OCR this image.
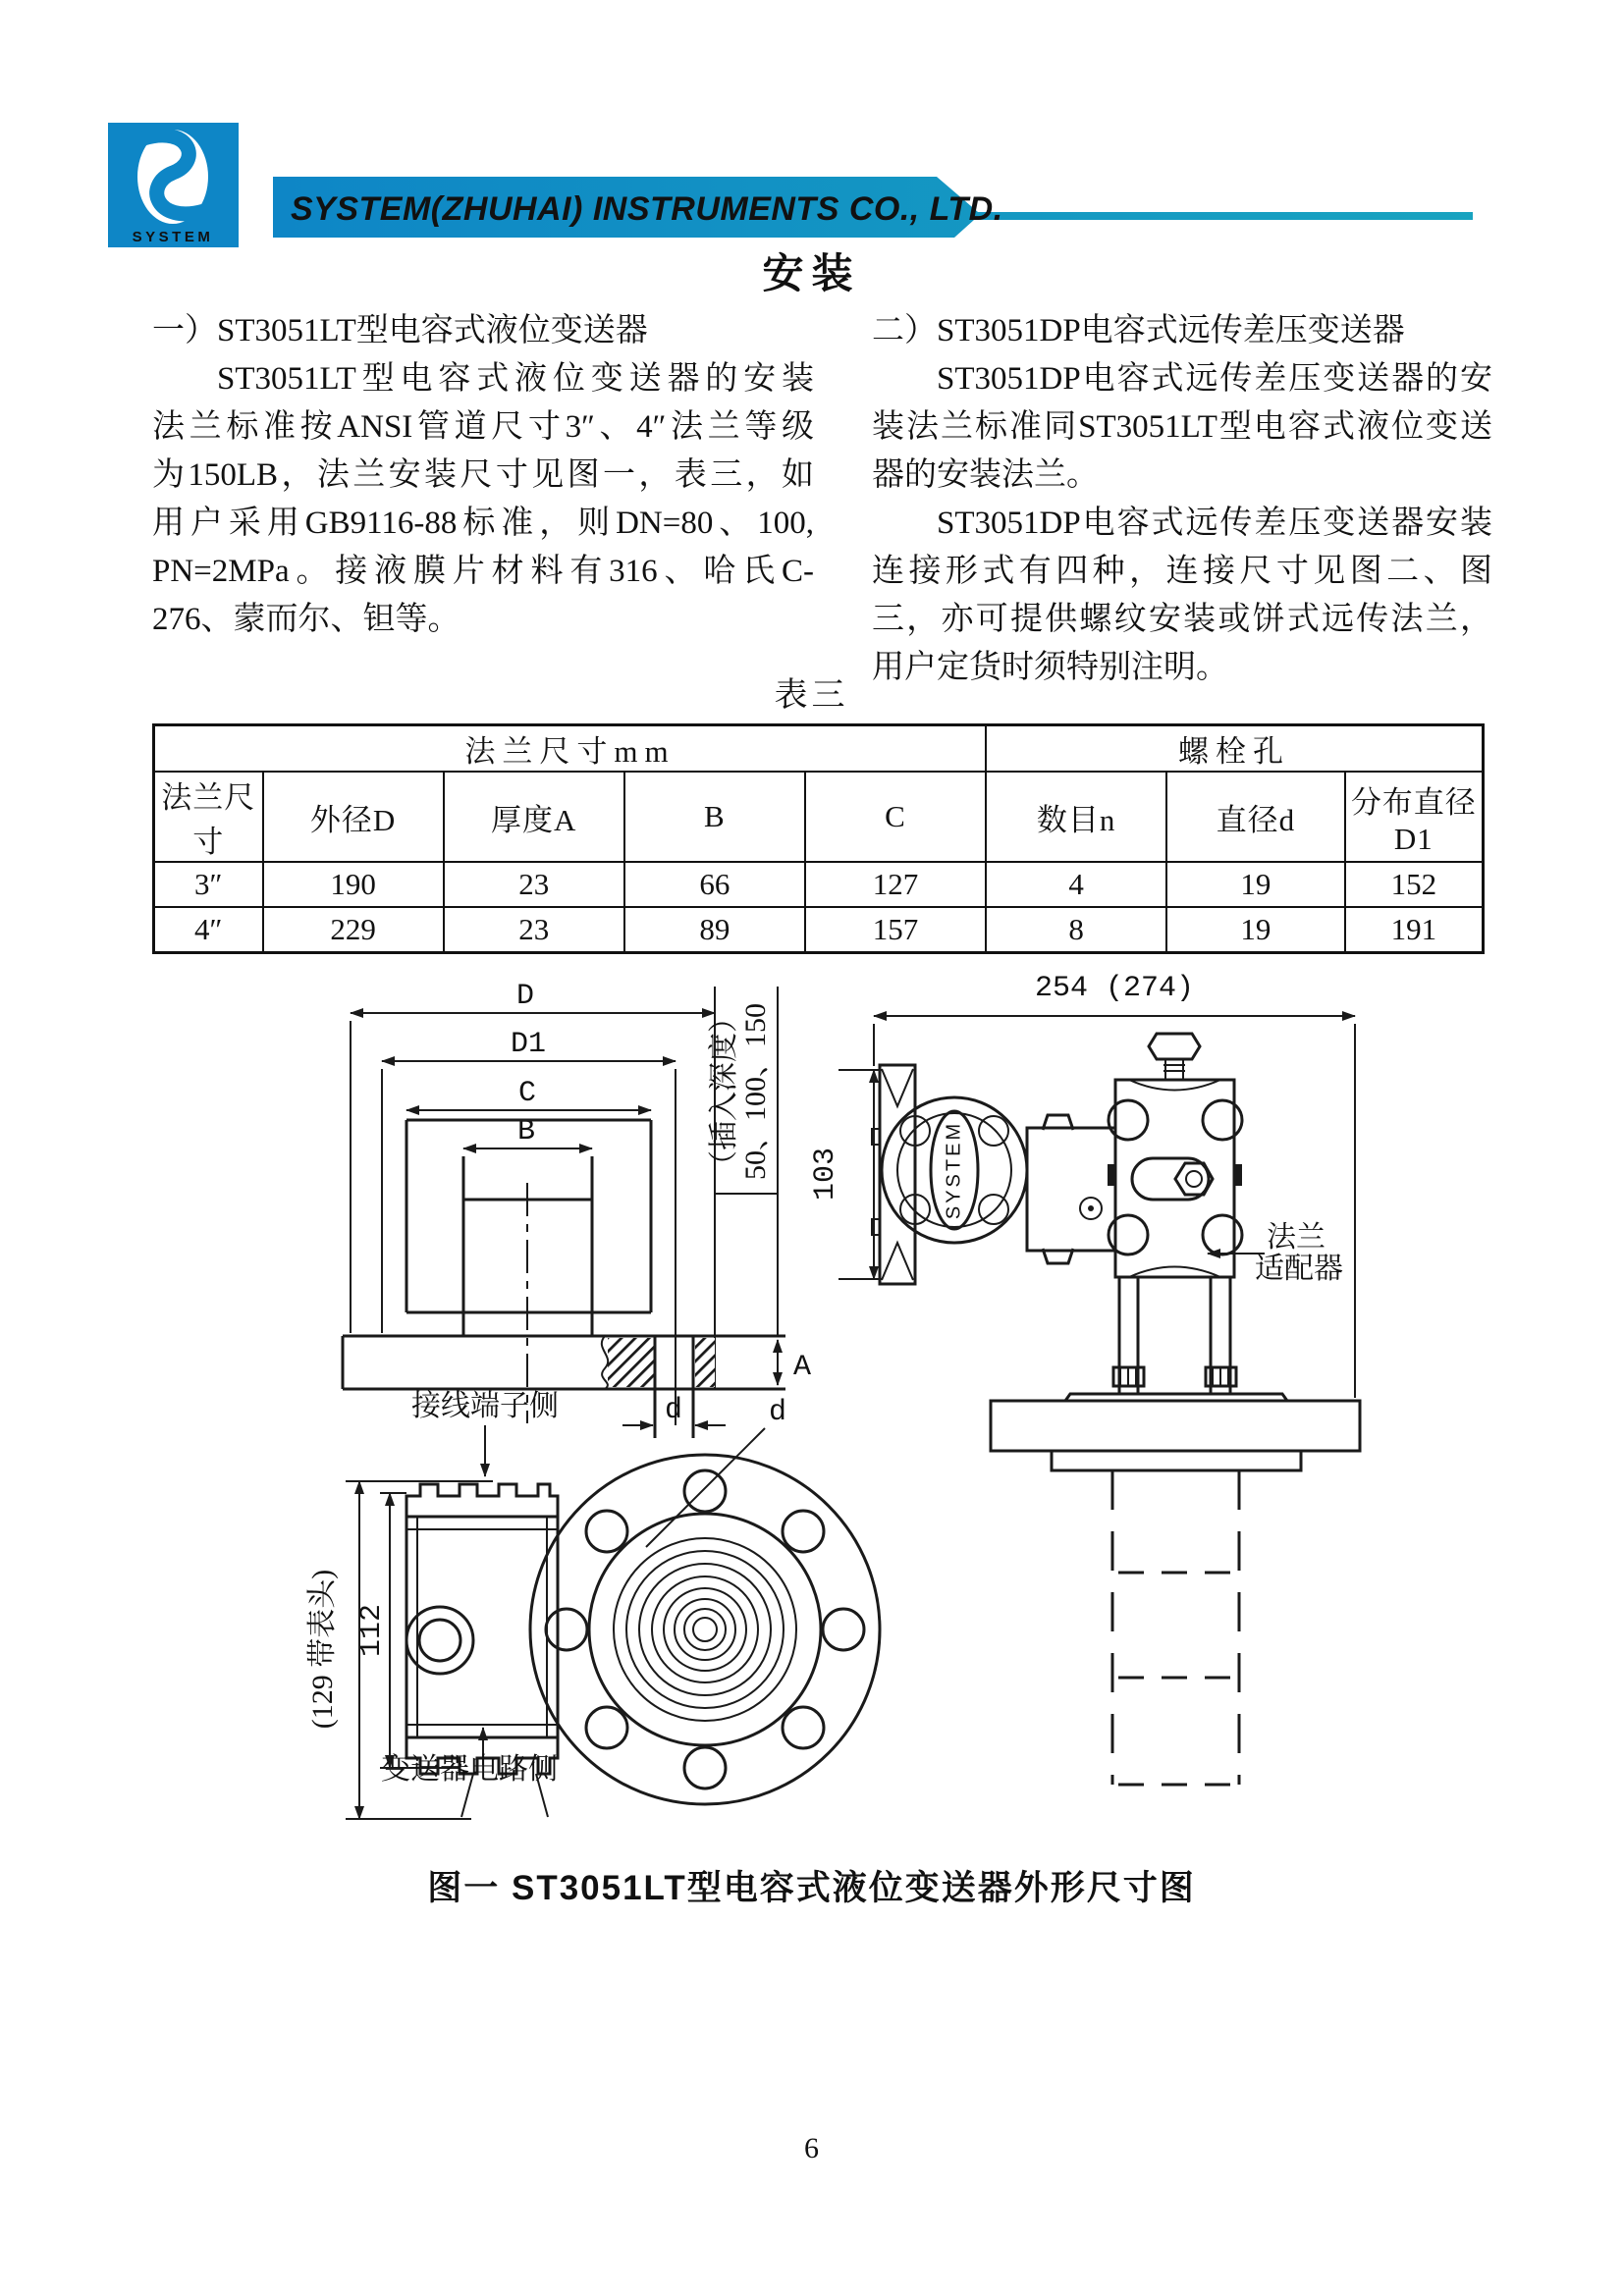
SYSTEM
SYSTEM(ZHUHAI) INSTRUMENTS CO., LTD.
安装
一）ST3051LT型电容式液位变送器
ST3051LT型电容式液位变送器的安装
法兰标准按ANSI管道尺寸3″、4″法兰等级
为150LB，法兰安装尺寸见图一，表三，如
用户采用GB9116-88标准，则DN=80、100,
PN=2MPa。接液膜片材料有316、哈氏C-
276、蒙而尔、钽等。
二）ST3051DP电容式远传差压变送器
ST3051DP电容式远传差压变送器的安
装法兰标准同ST3051LT型电容式液位变送
器的安装法兰。
ST3051DP电容式远传差压变送器安装
连接形式有四种，连接尺寸见图二、图
三，亦可提供螺纹安装或饼式远传法兰，
用户定货时须特别注明。
表三
法兰尺寸mm					螺栓孔		
法兰尺寸	外径D	厚度A	B	C	数目n	直径d	分布直径D1
3″	190	23	66	127	4	19	152
4″	229	23	89	157	8	19	191
D
D1
C
B	（插入深度） 50、100、150
A
d
接线端子侧
(129 带表头) 112
变送器电路侧
d
254 (274)
103
法兰
适配器
SYSTEM
图一 ST3051LT型电容式液位变送器外形尺寸图
6
